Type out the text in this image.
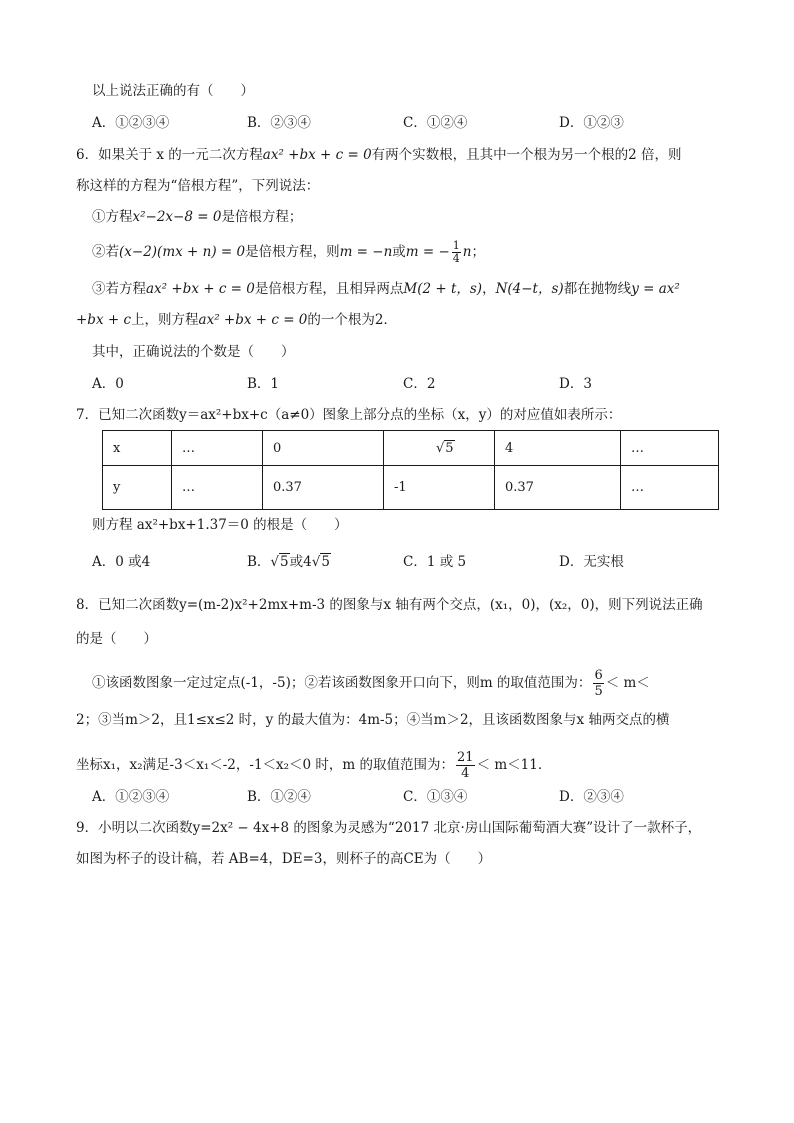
以上说法正确的有（　　）
A．①②③④	B．②③④	C．①②④	D．①②③
6．如果关于 x 的一元二次方程ax² +bx + c = 0有两个实数根，且其中一个根为另一个根的2 倍，则
称这样的方程为“倍根方程”，下列说法：
①方程x²−2x−8 = 0是倍根方程；
②若(x−2)(mx + n) = 0是倍根方程，则m = −n或m = − $\frac{1}{4}$ n；
③若方程ax² +bx + c = 0是倍根方程，且相异两点M(2 + t，s)，N(4−t，s)都在抛物线y = ax²
+bx + c上，则方程ax² +bx + c = 0的一个根为2．
其中，正确说法的个数是（　　）
A．0	B．1	C．2	D．3
7．已知二次函数y＝ax²+bx+c（a≠0）图象上部分点的坐标（x，y）的对应值如表所示：
x	…	0	√5	4	…
y	…	0.37	-1	0.37	…
则方程 ax²+bx+1.37＝0 的根是（　　）
A．0 或4	B．√5或4√5	C．1 或 5	D．无实根
8．已知二次函数y=(m-2)x²+2mx+m-3 的图象与x 轴有两个交点，(x₁，0)，(x₂，0)，则下列说法正确
的是（　　）
①该函数图象一定过定点(-1，-5)；②若该函数图象开口向下，则m 的取值范围为： $\frac{6}{5} < m<$
2；③当m＞2，且1≤x≤2 时，y 的最大值为：4m-5；④当m＞2，且该函数图象与x 轴两交点的横
坐标x₁，x₂满足-3＜x₁＜-2，-1＜x₂＜0 时，m 的取值范围为： $\frac{21}{4} < m<11$．
A．①②③④	B．①②④	C．①③④	D．②③④
9．小明以二次函数y=2x² − 4x+8 的图象为灵感为“2017 北京·房山国际葡萄酒大赛”设计了一款杯子，
如图为杯子的设计稿，若 AB=4，DE=3，则杯子的高CE为（　　）
